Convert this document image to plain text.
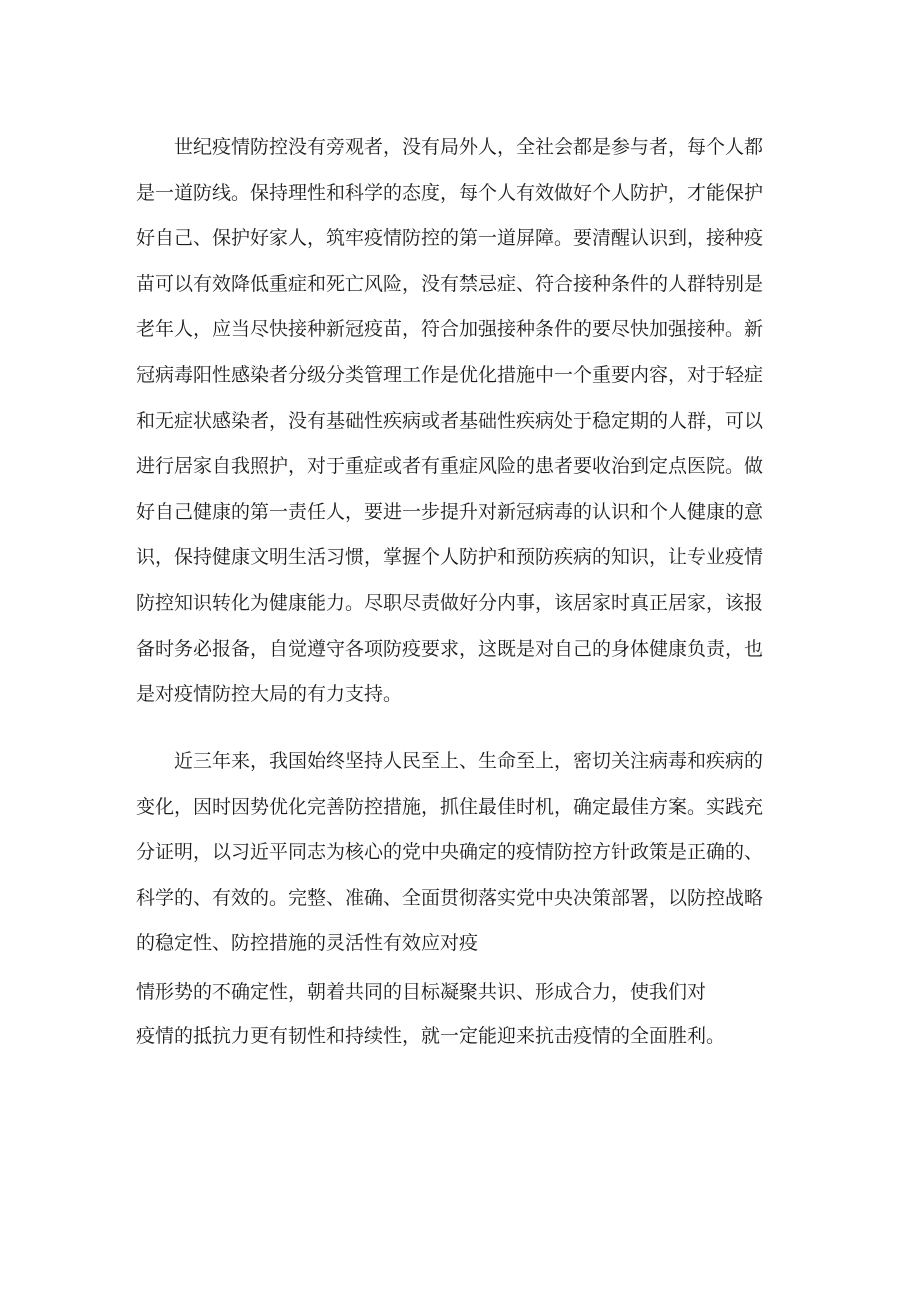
世纪疫情防控没有旁观者，没有局外人，全社会都是参与者，每个人都

是一道防线。保持理性和科学的态度，每个人有效做好个人防护，才能保护

好自己、保护好家人，筑牢疫情防控的第一道屏障。要清醒认识到，接种疫

苗可以有效降低重症和死亡风险，没有禁忌症、符合接种条件的人群特别是

老年人，应当尽快接种新冠疫苗，符合加强接种条件的要尽快加强接种。新

冠病毒阳性感染者分级分类管理工作是优化措施中一个重要内容，对于轻症

和无症状感染者，没有基础性疾病或者基础性疾病处于稳定期的人群，可以

进行居家自我照护，对于重症或者有重症风险的患者要收治到定点医院。做

好自己健康的第一责任人，要进一步提升对新冠病毒的认识和个人健康的意

识，保持健康文明生活习惯，掌握个人防护和预防疾病的知识，让专业疫情

防控知识转化为健康能力。尽职尽责做好分内事，该居家时真正居家，该报

备时务必报备，自觉遵守各项防疫要求，这既是对自己的身体健康负责，也

是对疫情防控大局的有力支持。

近三年来，我国始终坚持人民至上、生命至上，密切关注病毒和疾病的

变化，因时因势优化完善防控措施，抓住最佳时机，确定最佳方案。实践充

分证明，以习近平同志为核心的党中央确定的疫情防控方针政策是正确的、

科学的、有效的。完整、准确、全面贯彻落实党中央决策部署，以防控战略

的稳定性、防控措施的灵活性有效应对疫

情形势的不确定性，朝着共同的目标凝聚共识、形成合力，使我们对

疫情的抵抗力更有韧性和持续性，就一定能迎来抗击疫情的全面胜利。
